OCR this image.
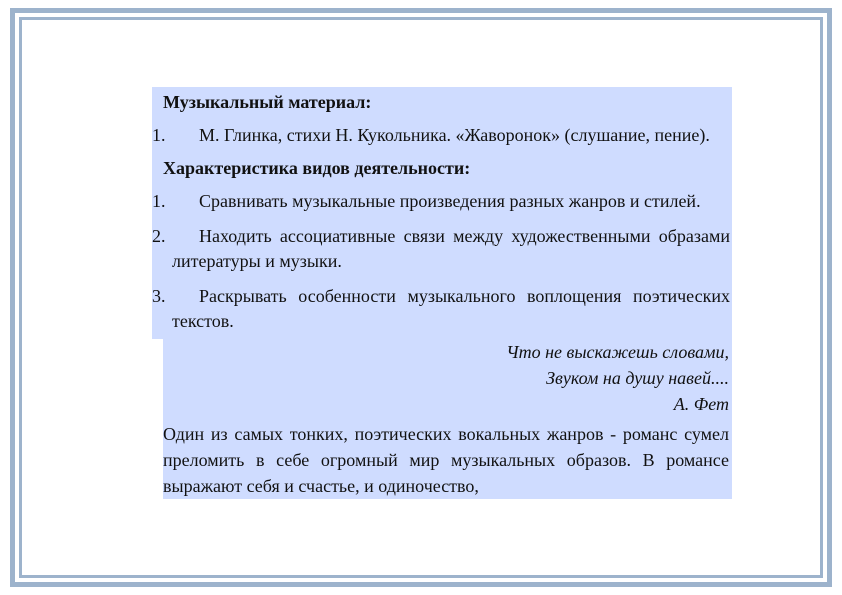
Музыкальный материал:
1.	М. Глинка, стихи Н. Кукольника. «Жаворонок» (слушание, пение).
Характеристика видов деятельности:
1.	Сравнивать музыкальные произведения разных жанров и стилей.
2.	Находить ассоциативные связи между художественными образами литературы и музыки.
3.	Раскрывать особенности музыкального воплощения поэтических текстов.
Что не выскажешь словами,
Звуком на душу навей....
А. Фет
Один из самых тонких, поэтических вокальных жанров - романс сумел преломить в себе огромный мир музыкальных образов. В романсе выражают себя и счастье, и одиночество,
